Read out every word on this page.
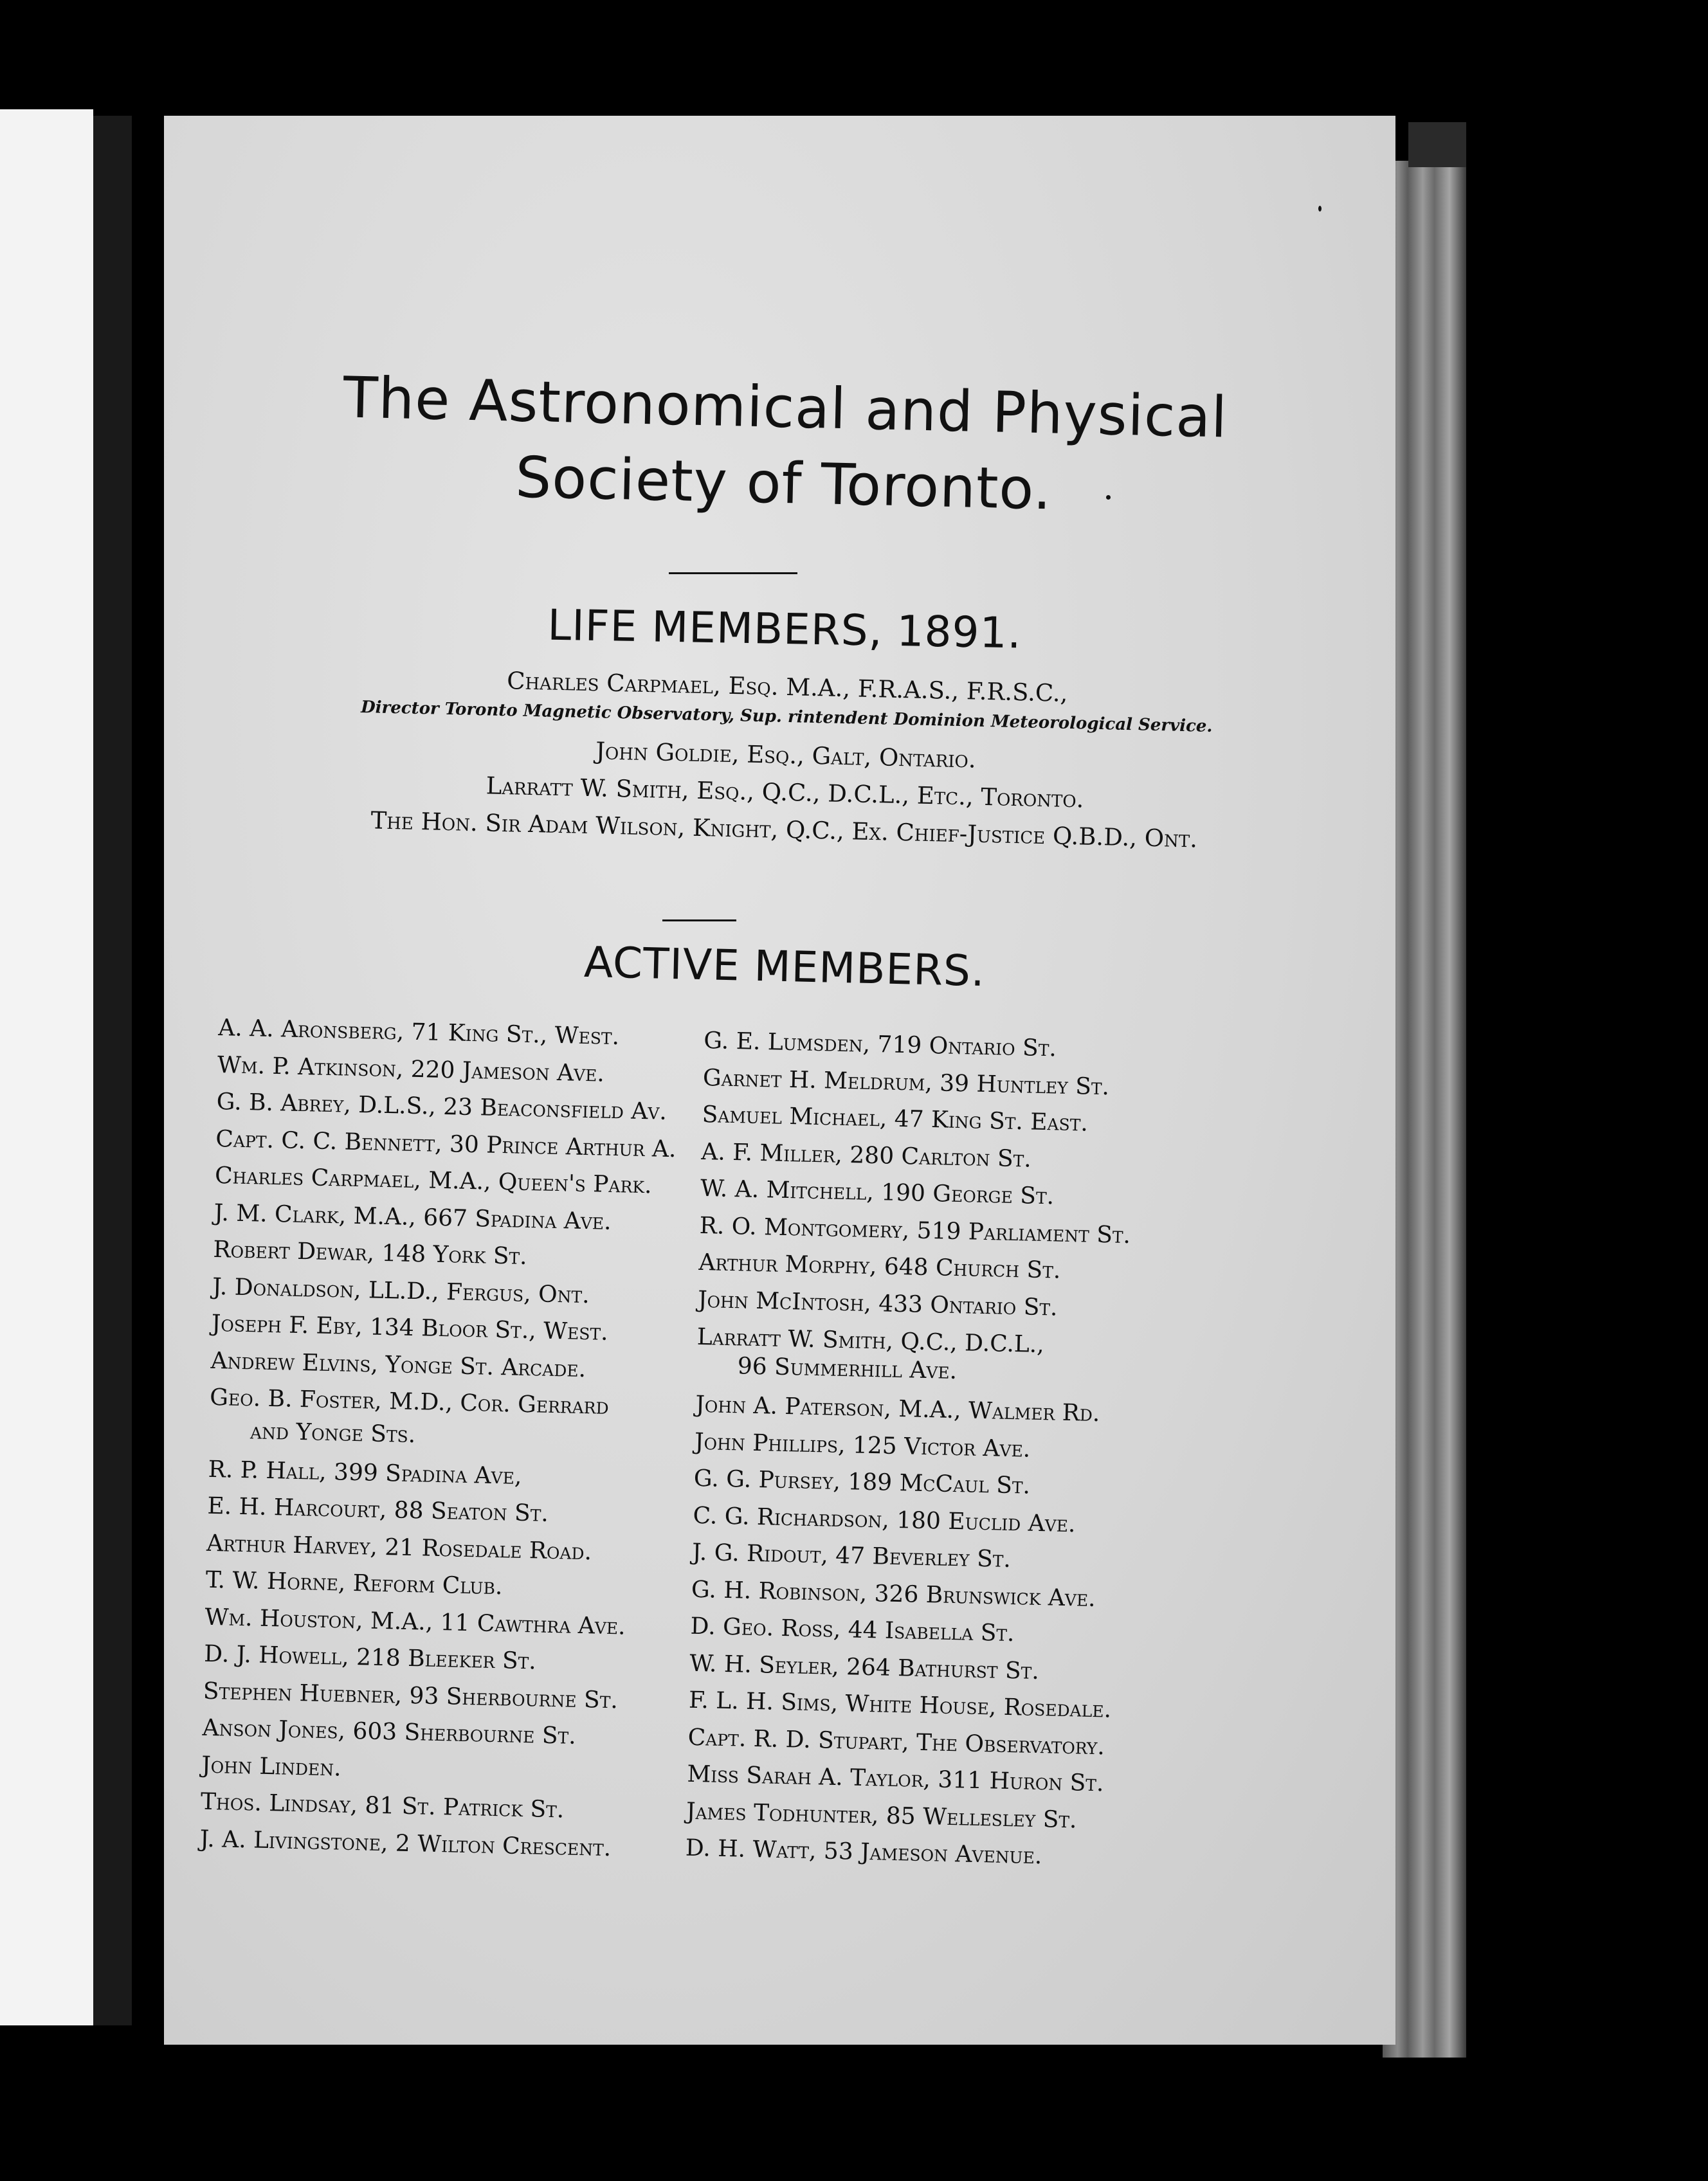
The Astronomical and Physical
Society of Toronto.
LIFE MEMBERS, 1891.
Charles Carpmael, Esq. M.A., F.R.A.S., F.R.S.C.,
Director Toronto Magnetic Observatory, Sup. rintendent Dominion Meteorological Service.
John Goldie, Esq., Galt, Ontario.
Larratt W. Smith, Esq., Q.C., D.C.L., Etc., Toronto.
The Hon. Sir Adam Wilson, Knight, Q.C., Ex. Chief-Justice Q.B.D., Ont.
ACTIVE MEMBERS.
A. A. Aronsberg, 71 King St., West.
Wm. P. Atkinson, 220 Jameson Ave.
G. B. Abrey, D.L.S., 23 Beaconsfield Av.
Capt. C. C. Bennett, 30 Prince Arthur A.
Charles Carpmael, M.A., Queen's Park.
J. M. Clark, M.A., 667 Spadina Ave.
Robert Dewar, 148 York St.
J. Donaldson, LL.D., Fergus, Ont.
Joseph F. Eby, 134 Bloor St., West.
Andrew Elvins, Yonge St. Arcade.
Geo. B. Foster, M.D., Cor. Gerrard
and Yonge Sts.
R. P. Hall, 399 Spadina Ave,
E. H. Harcourt, 88 Seaton St.
Arthur Harvey, 21 Rosedale Road.
T. W. Horne, Reform Club.
Wm. Houston, M.A., 11 Cawthra Ave.
D. J. Howell, 218 Bleeker St.
Stephen Huebner, 93 Sherbourne St.
Anson Jones, 603 Sherbourne St.
John Linden.
Thos. Lindsay, 81 St. Patrick St.
J. A. Livingstone, 2 Wilton Crescent.
G. E. Lumsden, 719 Ontario St.
Garnet H. Meldrum, 39 Huntley St.
Samuel Michael, 47 King St. East.
A. F. Miller, 280 Carlton St.
W. A. Mitchell, 190 George St.
R. O. Montgomery, 519 Parliament St.
Arthur Morphy, 648 Church St.
John McIntosh, 433 Ontario St.
Larratt W. Smith, Q.C., D.C.L.,
96 Summerhill Ave.
John A. Paterson, M.A., Walmer Rd.
John Phillips, 125 Victor Ave.
G. G. Pursey, 189 McCaul St.
C. G. Richardson, 180 Euclid Ave.
J. G. Ridout, 47 Beverley St.
G. H. Robinson, 326 Brunswick Ave.
D. Geo. Ross, 44 Isabella St.
W. H. Seyler, 264 Bathurst St.
F. L. H. Sims, White House, Rosedale.
Capt. R. D. Stupart, The Observatory.
Miss Sarah A. Taylor, 311 Huron St.
James Todhunter, 85 Wellesley St.
D. H. Watt, 53 Jameson Avenue.
